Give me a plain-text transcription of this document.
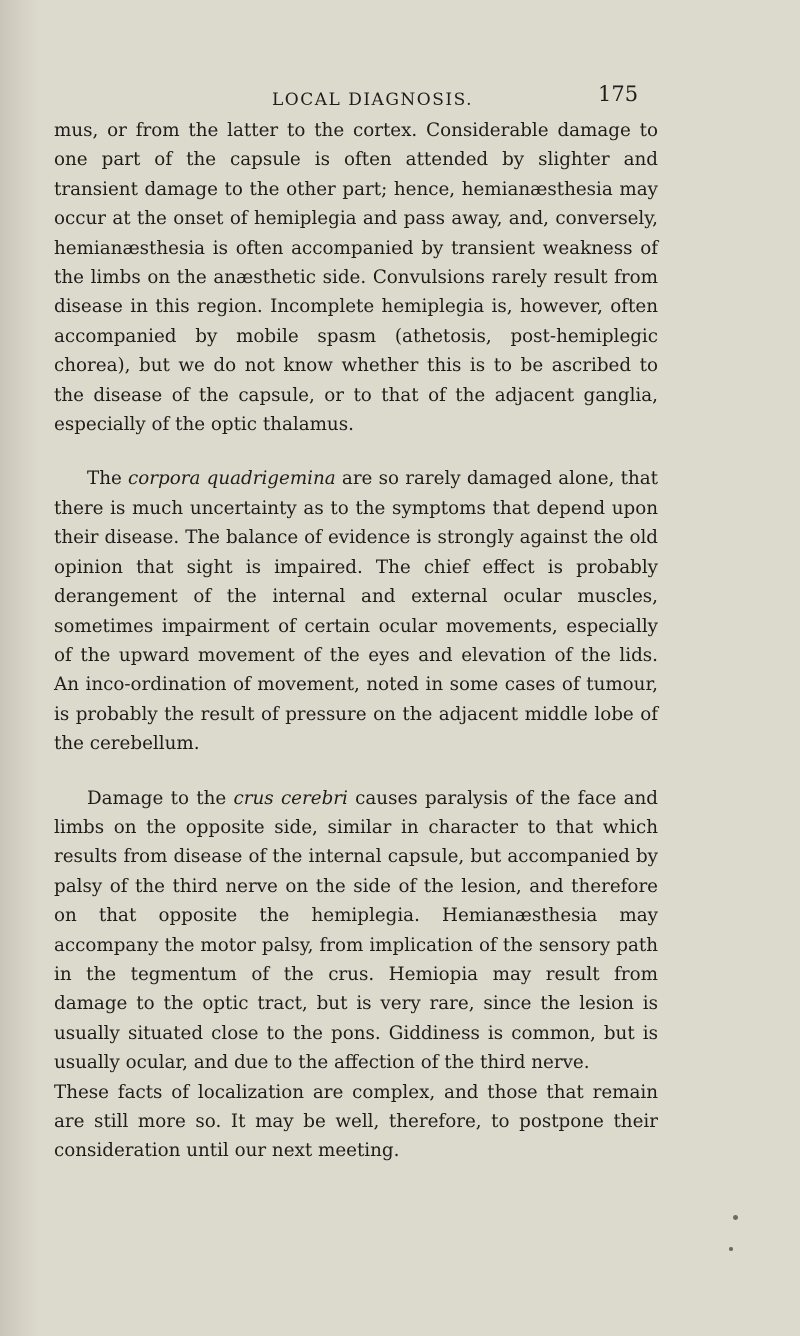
LOCAL DIAGNOSIS.	175

mus, or from the latter to the cortex. Considerable damage to one part of the capsule is often attended by slighter and transient damage to the other part; hence, hemianæsthesia may occur at the onset of hemiplegia and pass away, and, conversely, hemianæsthesia is often accompanied by transient weakness of the limbs on the anæsthetic side. Convulsions rarely result from disease in this region. Incomplete hemiplegia is, however, often accompanied by mobile spasm (athetosis, post-hemiplegic chorea), but we do not know whether this is to be ascribed to the disease of the capsule, or to that of the adjacent ganglia, especially of the optic thalamus.

The corpora quadrigemina are so rarely damaged alone, that there is much uncertainty as to the symptoms that depend upon their disease. The balance of evidence is strongly against the old opinion that sight is impaired. The chief effect is probably derangement of the internal and external ocular muscles, sometimes impairment of certain ocular movements, especially of the upward movement of the eyes and elevation of the lids. An inco-ordination of movement, noted in some cases of tumour, is probably the result of pressure on the adjacent middle lobe of the cerebellum.

Damage to the crus cerebri causes paralysis of the face and limbs on the opposite side, similar in character to that which results from disease of the internal capsule, but accompanied by palsy of the third nerve on the side of the lesion, and therefore on that opposite the hemiplegia. Hemianæsthesia may accompany the motor palsy, from implication of the sensory path in the tegmentum of the crus. Hemiopia may result from damage to the optic tract, but is very rare, since the lesion is usually situated close to the pons. Giddiness is common, but is usually ocular, and due to the affection of the third nerve.

These facts of localization are complex, and those that remain are still more so. It may be well, therefore, to postpone their consideration until our next meeting.
